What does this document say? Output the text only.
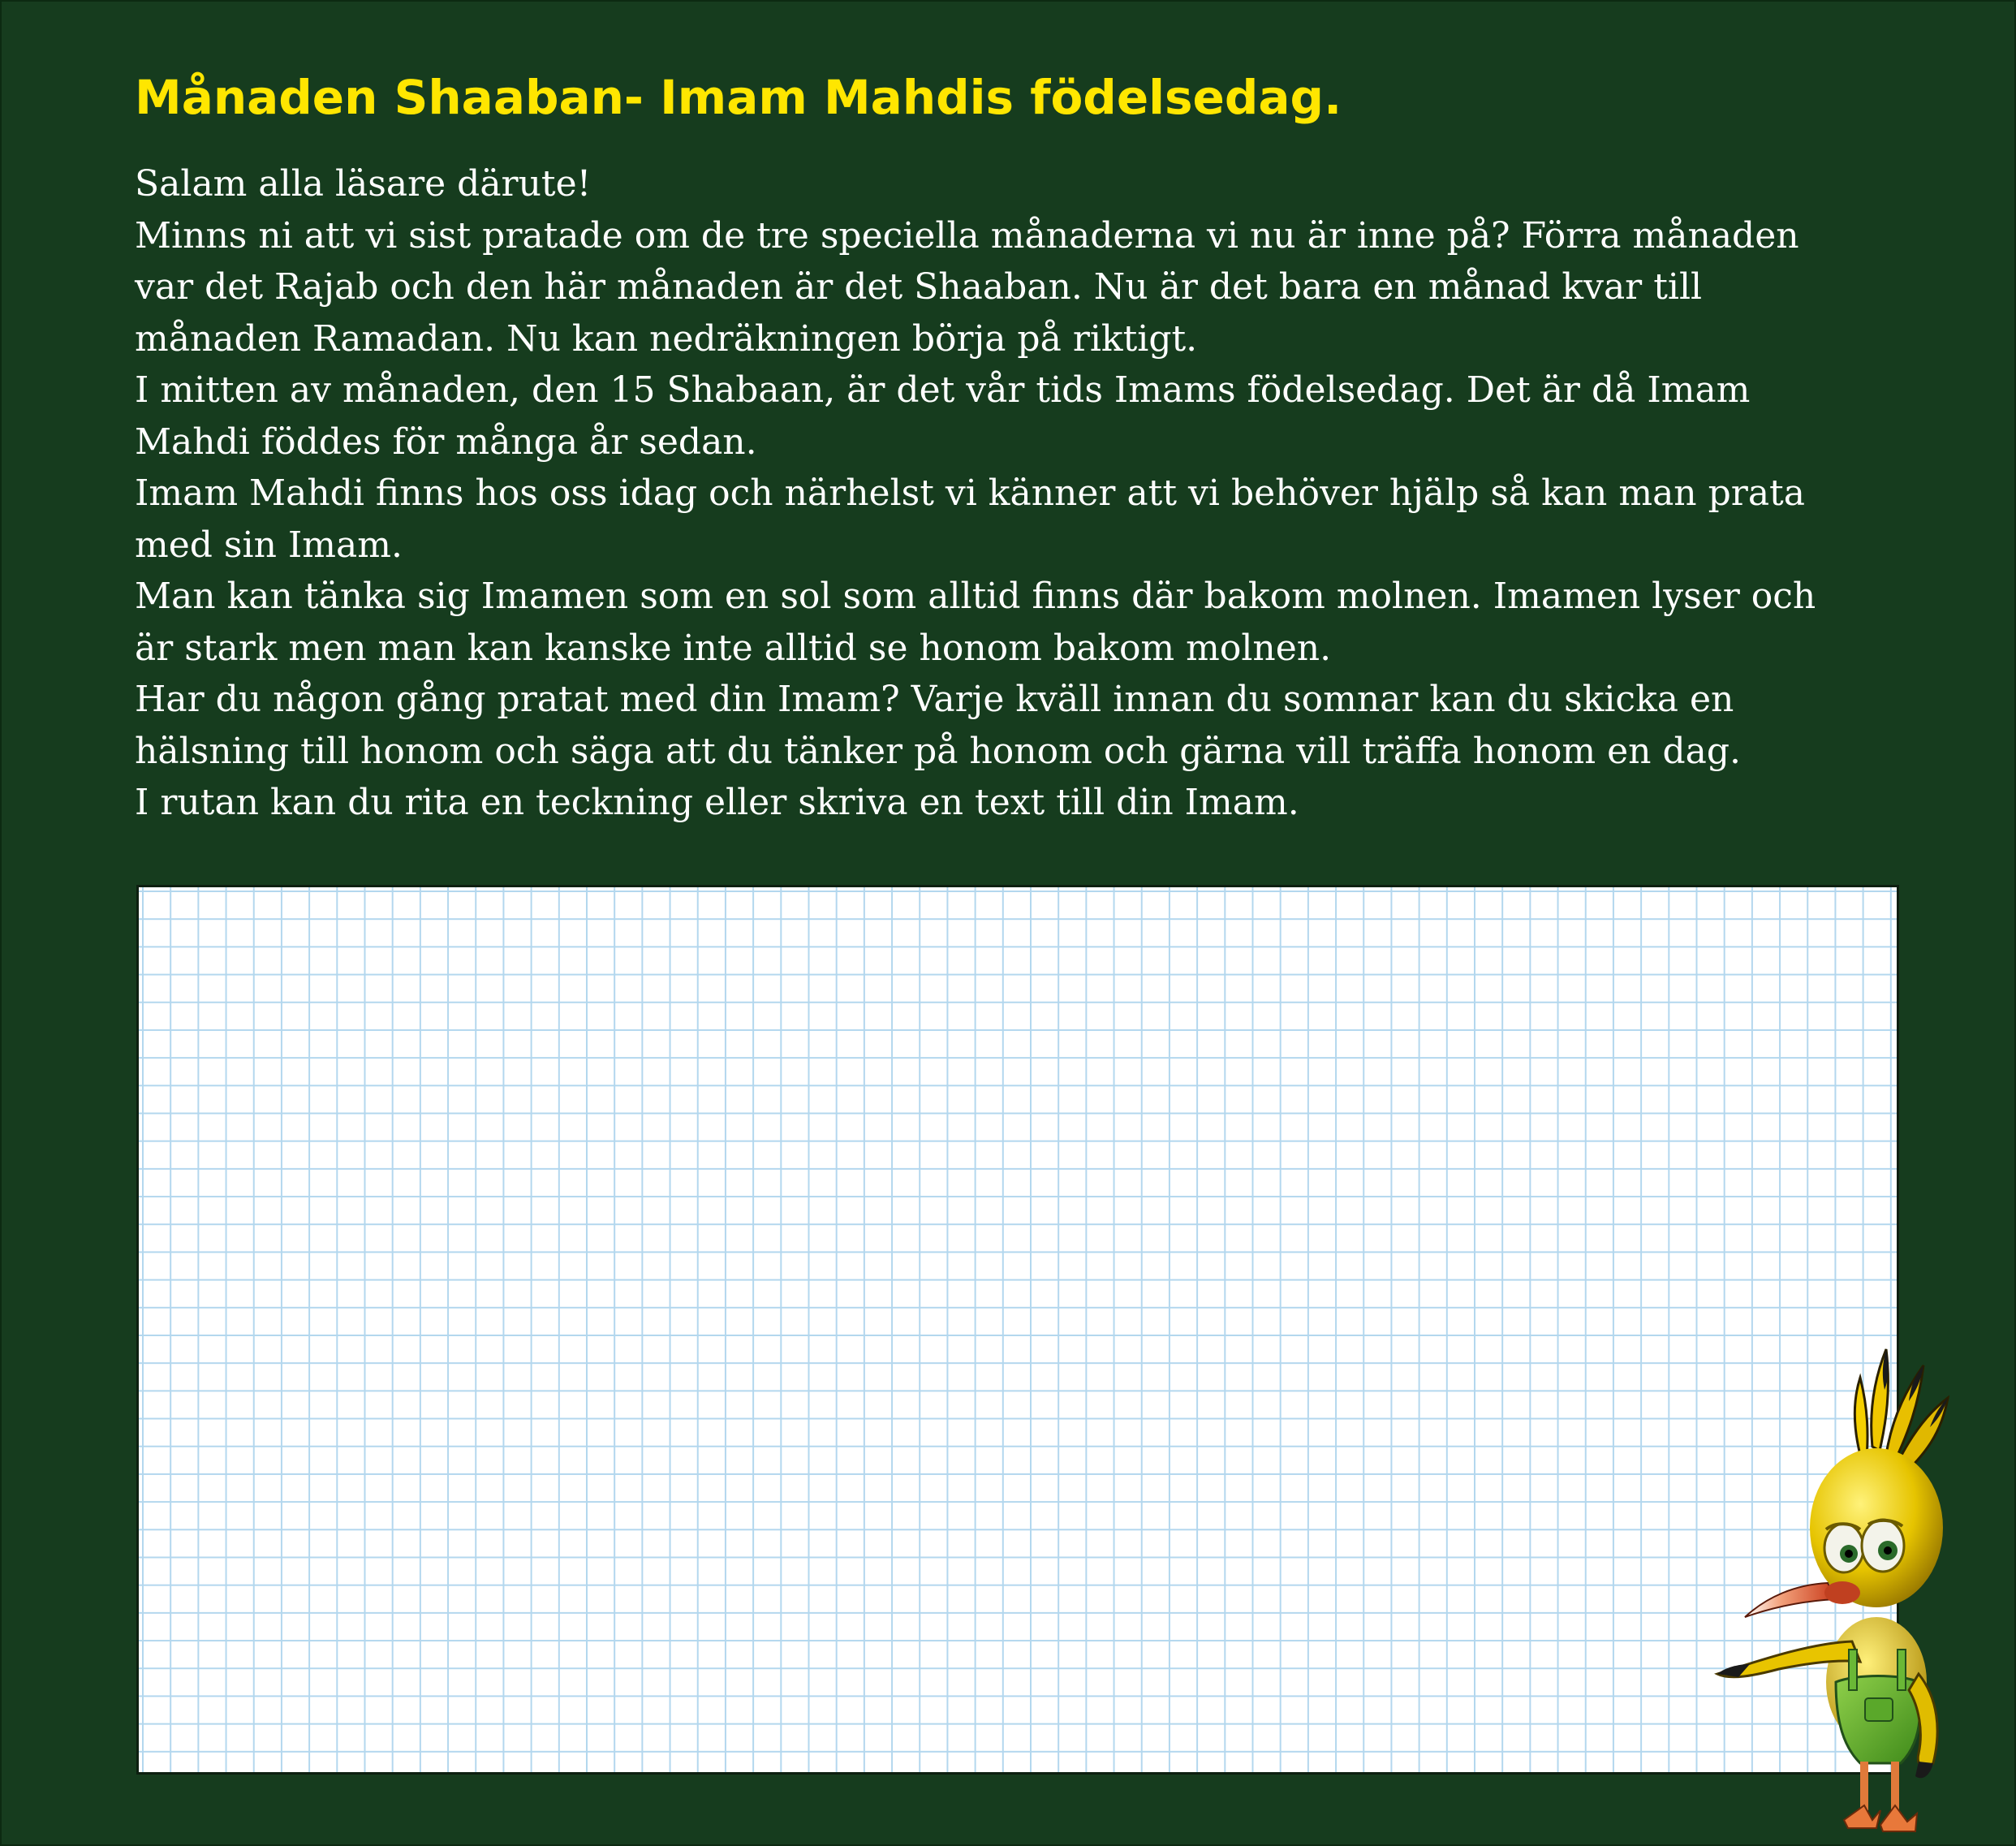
Månaden Shaaban- Imam Mahdis födelsedag.
Salam alla läsare därute!
Minns ni att vi sist pratade om de tre speciella månaderna vi nu är inne på? Förra månaden
var det Rajab och den här månaden är det Shaaban. Nu är det bara en månad kvar till
månaden Ramadan. Nu kan nedräkningen börja på riktigt.
I mitten av månaden, den 15 Shabaan, är det vår tids Imams födelsedag. Det är då Imam
Mahdi föddes för många år sedan.
Imam Mahdi finns hos oss idag och närhelst vi känner att vi behöver hjälp så kan man prata
med sin Imam.
Man kan tänka sig Imamen som en sol som alltid finns där bakom molnen. Imamen lyser och
är stark men man kan kanske inte alltid se honom bakom molnen.
Har du någon gång pratat med din Imam? Varje kväll innan du somnar kan du skicka en
hälsning till honom och säga att du tänker på honom och gärna vill träffa honom en dag.
I rutan kan du rita en teckning eller skriva en text till din Imam.
